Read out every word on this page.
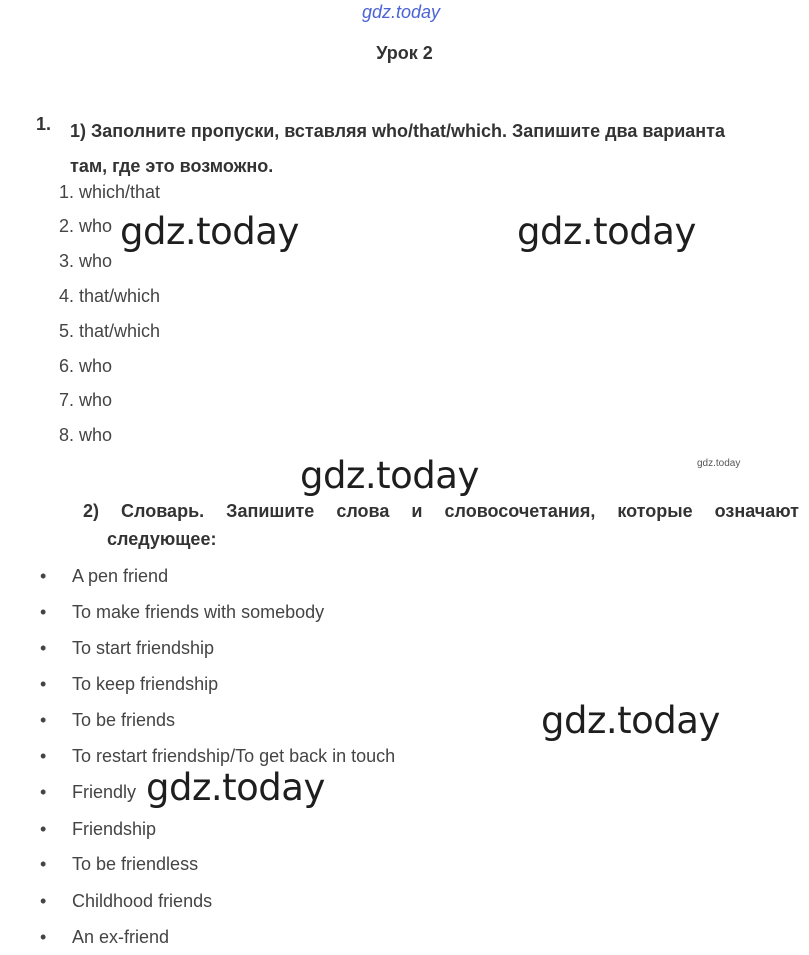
gdz.today
Урок 2
1. 1) Заполните пропуски, вставляя who/that/which. Запишите два варианта
там, где это возможно.
1. which/that
2. who
3. who
4. that/which
5. that/which
6. who
7. who
8. who
gdz.today	gdz.today
gdz.today	gdz.today
gdz.today
gdz.today
2) Словарь. Запишите слова и словосочетания, которые означают
следующее:
• A pen friend
• To make friends with somebody
• To start friendship
• To keep friendship
• To be friends
• To restart friendship/To get back in touch
• Friendly
• Friendship
• To be friendless
• Childhood friends
• An ex-friend
